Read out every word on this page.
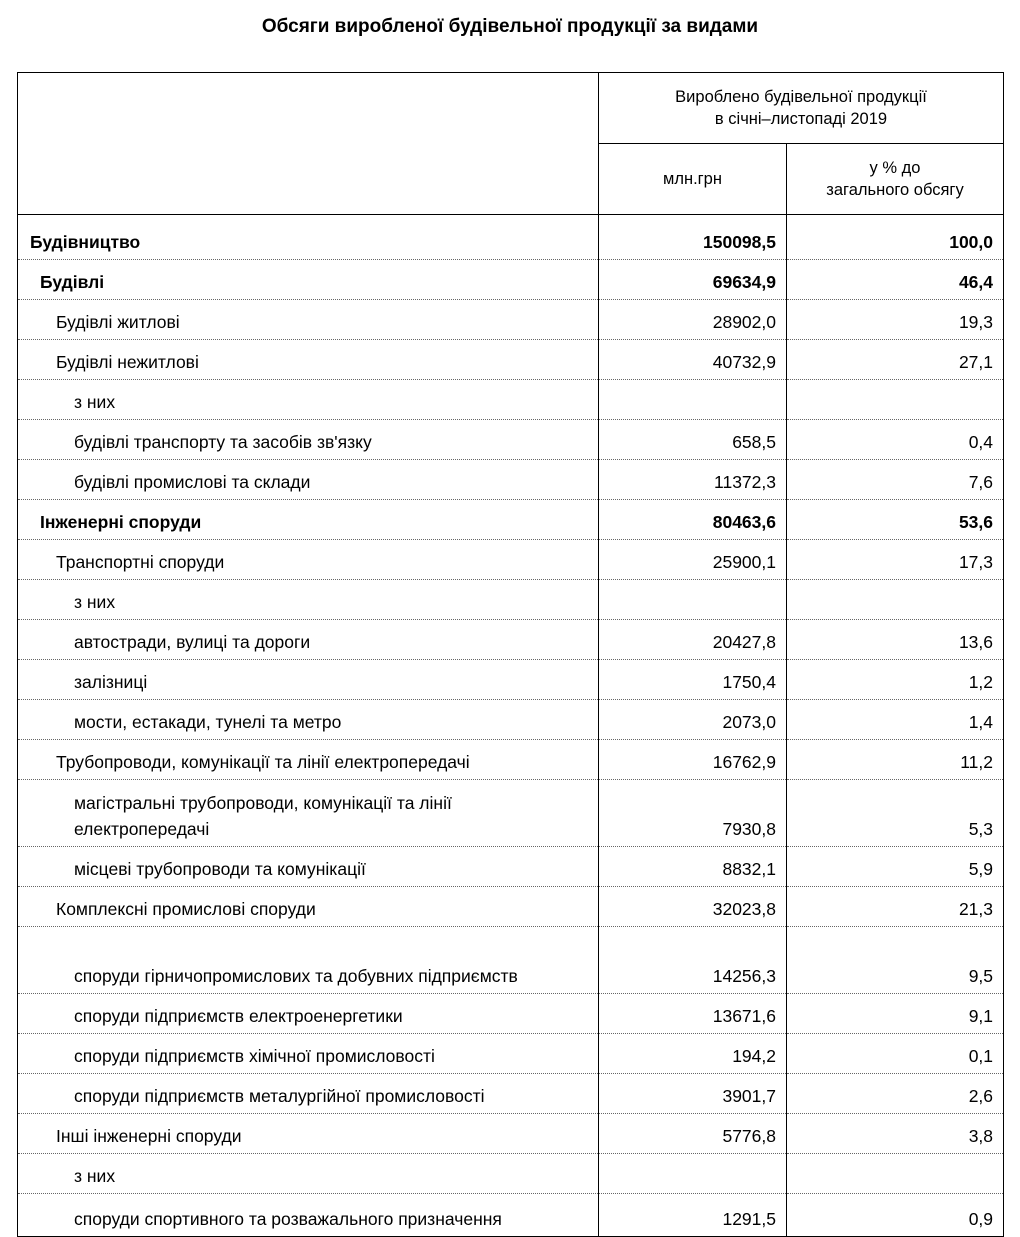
Обсяги виробленої будівельної продукції за видами
	Вироблено будівельної продукції
в січні–листопаді 2019	
	млн.грн	у % до
загального обсягу
Будівництво	150098,5	100,0
Будівлі	69634,9	46,4
Будівлі житлові	28902,0	19,3
Будівлі нежитлові	40732,9	27,1
з них		
будівлі транспорту та засобів зв'язку	658,5	0,4
будівлі промислові та склади	11372,3	7,6
Інженерні споруди	80463,6	53,6
Транспортні споруди	25900,1	17,3
з них		
автостради, вулиці та дороги	20427,8	13,6
залізниці	1750,4	1,2
мости, естакади, тунелі та метро	2073,0	1,4
Трубопроводи, комунікації та лінії електропередачі	16762,9	11,2
магістральні трубопроводи, комунікації та лінії електропередачі	7930,8	5,3
місцеві трубопроводи та комунікації	8832,1	5,9
Комплексні промислові споруди	32023,8	21,3
споруди гірничопромислових та добувних підприємств	14256,3	9,5
споруди підприємств електроенергетики	13671,6	9,1
споруди підприємств хімічної промисловості	194,2	0,1
споруди підприємств металургійної промисловості	3901,7	2,6
Інші інженерні споруди	5776,8	3,8
з них		
споруди спортивного та розважального призначення	1291,5	0,9
